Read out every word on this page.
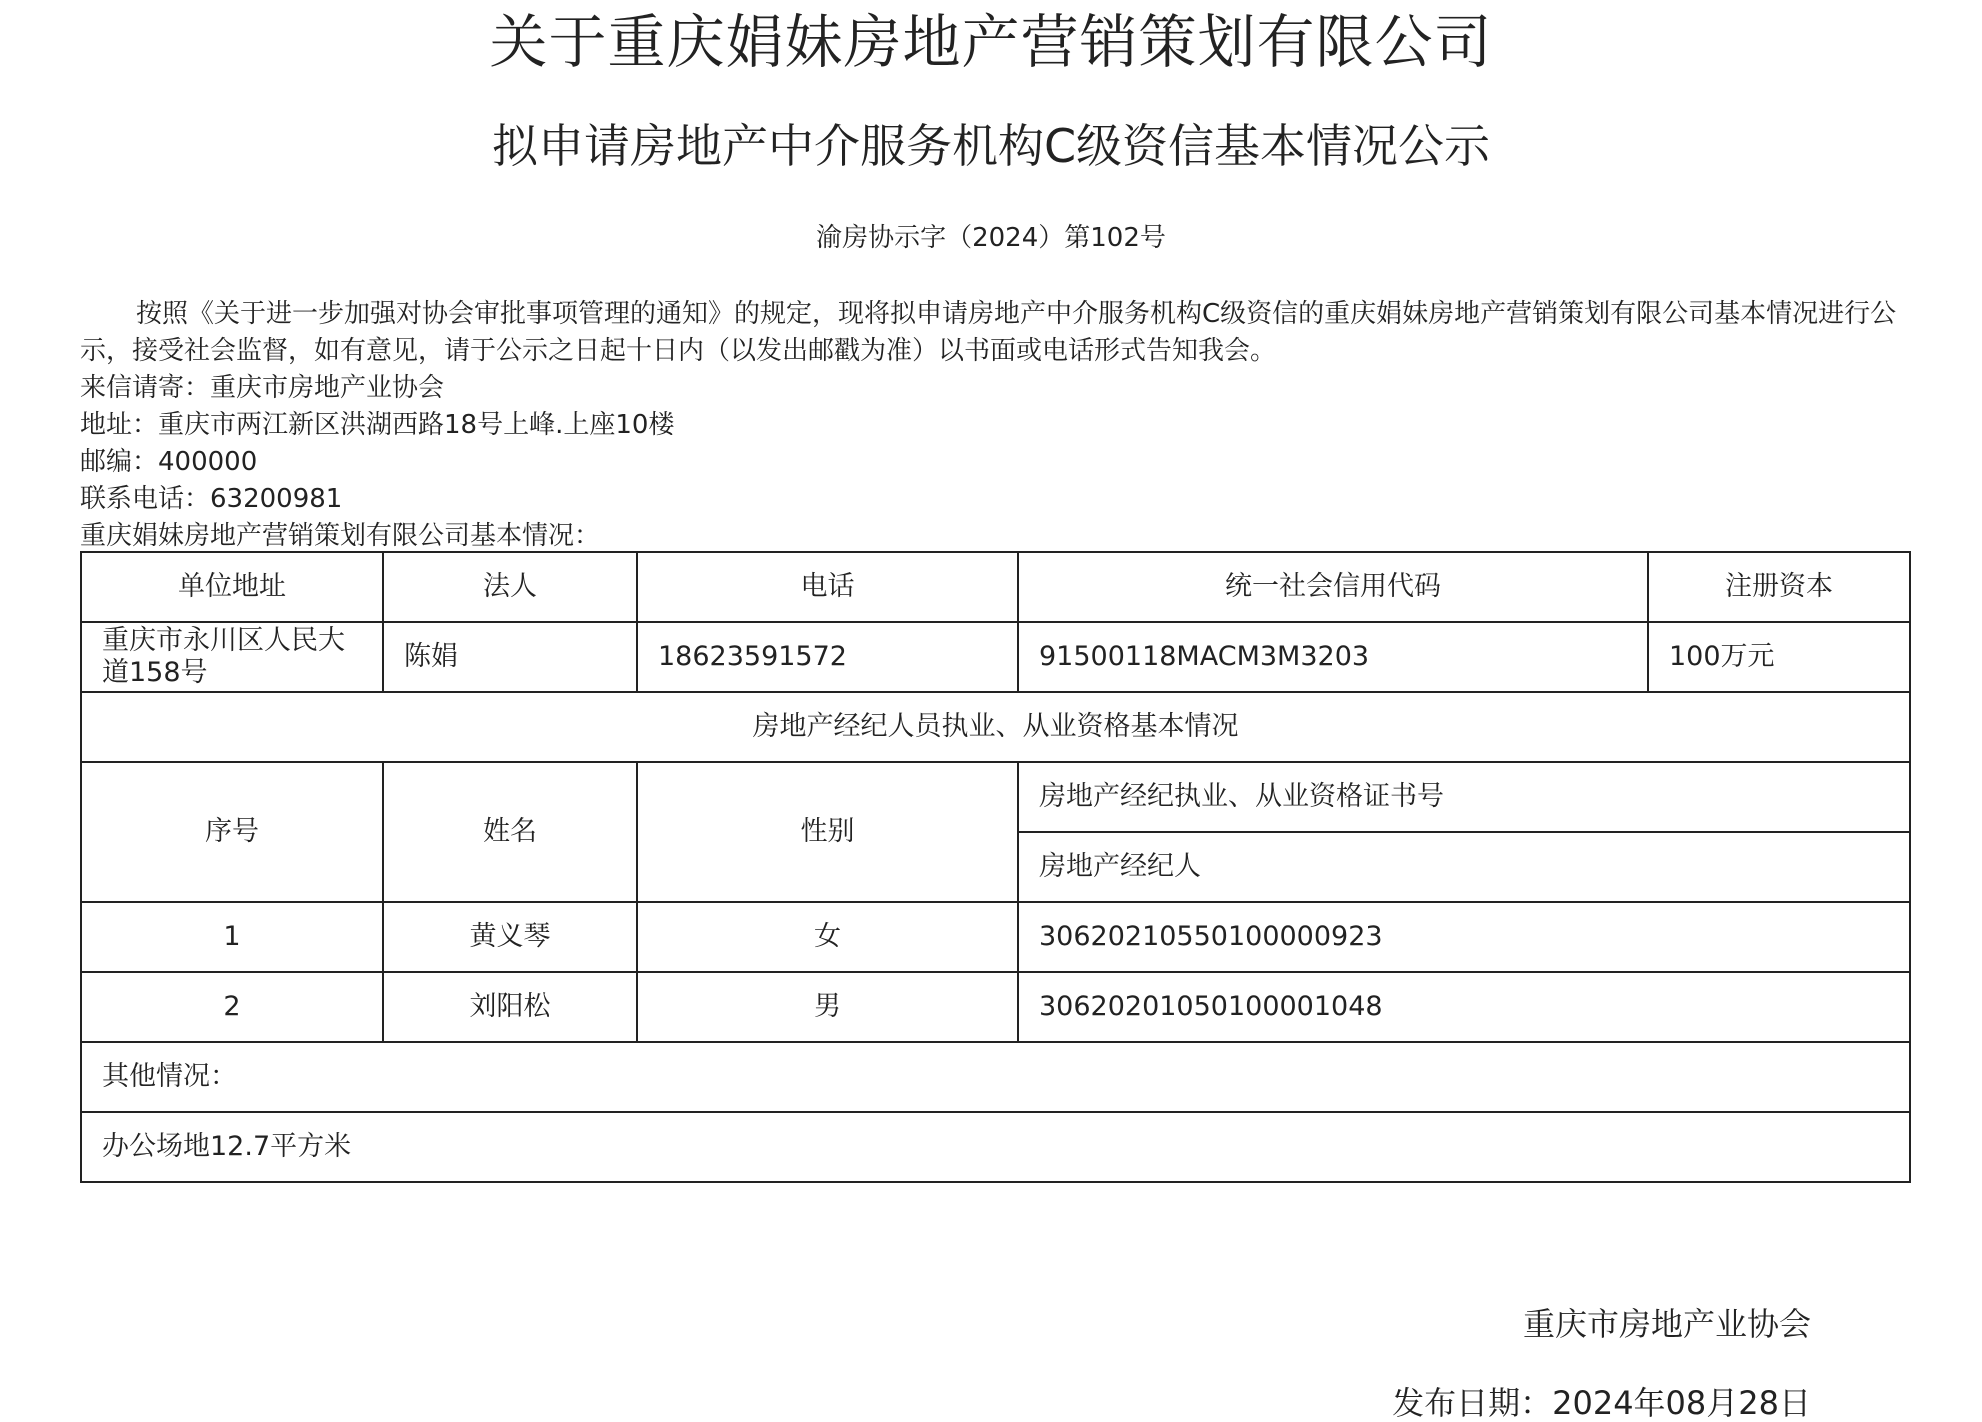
关于重庆娟妹房地产营销策划有限公司
拟申请房地产中介服务机构C级资信基本情况公示
渝房协示字（2024）第102号

按照《关于进一步加强对协会审批事项管理的通知》的规定，现将拟申请房地产中介服务机构C级资信的重庆娟妹房地产营销策划有限公司基本情况进行公示，接受社会监督，如有意见，请于公示之日起十日内（以发出邮戳为准）以书面或电话形式告知我会。

来信请寄：重庆市房地产业协会

地址：重庆市两江新区洪湖西路18号上峰.上座10楼

邮编：400000

联系电话：63200981

重庆娟妹房地产营销策划有限公司基本情况：

单位地址	法人	电话	统一社会信用代码	注册资本
重庆市永川区人民大道158号	陈娟	18623591572	91500118MACM3M3203	100万元
房地产经纪人员执业、从业资格基本情况				
序号	姓名	性别	房地产经纪执业、从业资格证书号	
			房地产经纪人	
1	黄义琴	女	30620210550100000923	
2	刘阳松	男	30620201050100001048	
其他情况：				
办公场地12.7平方米				
重庆市房地产业协会
发布日期：2024年08月28日
